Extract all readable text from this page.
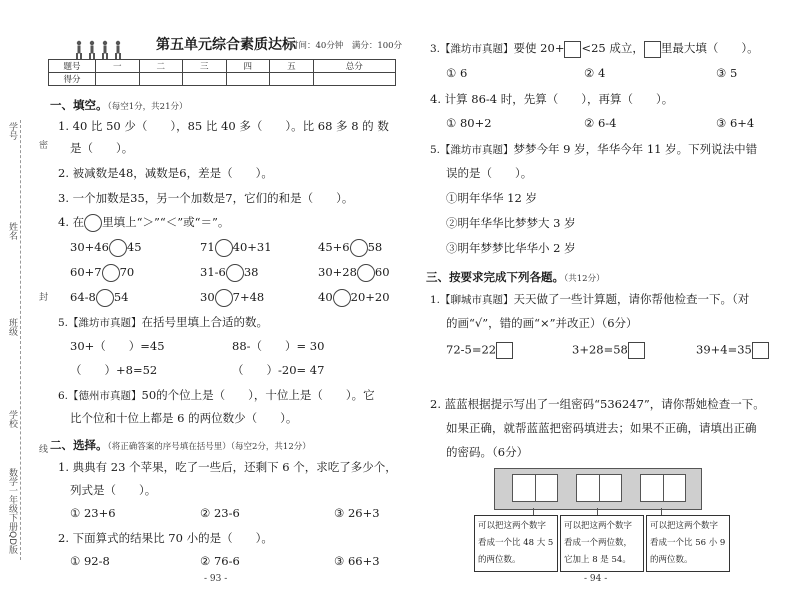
学号
姓名
班级
学校
数学一年级下册QD版
密
封
线
第五单元综合素质达标
时间：40分钟　满分：100分
题号	一	二	三	四	五	总分
得分						
一、填空。（每空1分，共21分）
1. 40 比 50 少（　　），85 比 40 多（　　）。比 68 多 8 的 数
是（　　）。
2. 被减数是48，减数是6，差是（　　）。
3. 一个加数是35，另一个加数是7，它们的和是（　　）。
4. 在 里填上“＞”“＜”或“＝”。
30+46 45	71 40+31	45+6 58
60+7 70	31-6 38	30+28 60
64-8 54	30 7+48	40 20+20
5.【潍坊市真题】在括号里填上合适的数。
30+（　　）=45	88-（　　）= 30
（　　）+8=52	（　　）-20= 47
6.【德州市真题】50的个位上是（　　），十位上是（　　）。它
比个位和十位上都是 6 的两位数少（　　）。
二、选择。（将正确答案的序号填在括号里）（每空2分，共12分）
1. 典典有 23 个苹果，吃了一些后，还剩下 6 个，求吃了多少个，
列式是（　　）。
① 23+6	② 23-6	③ 26+3
2. 下面算式的结果比 70 小的是（　　）。
① 92-8	② 76-6	③ 66+3
- 93 -
3.【潍坊市真题】要使 20+ <25 成立， 里最大填（　　）。
① 6	② 4	③ 5
4. 计算 86-4 时，先算（　　），再算（　　）。
① 80+2	② 6-4	③ 6+4
5.【潍坊市真题】梦梦今年 9 岁，华华今年 11 岁。下列说法中错
误的是（　　）。
①明年华华 12 岁
②明年华华比梦梦大 3 岁
③明年梦梦比华华小 2 岁
三、按要求完成下列各题。（共12分）
1.【聊城市真题】天天做了一些计算题，请你帮他检查一下。（对
的画“√”，错的画“×”并改正）（6分）
72-5=22	3+28=58	39+4=35
2. 蓝蓝根据提示写出了一组密码“536247”，请你帮她检查一下。
如果正确，就帮蓝蓝把密码填进去；如果不正确，请填出正确
的密码。（6分）
可以把这两个数字看成一个比 48 大 5 的两位数。
可以把这两个数字看成一个两位数，它加上 8 是 54。
可以把这两个数字看成一个比 56 小 9 的两位数。
- 94 -
